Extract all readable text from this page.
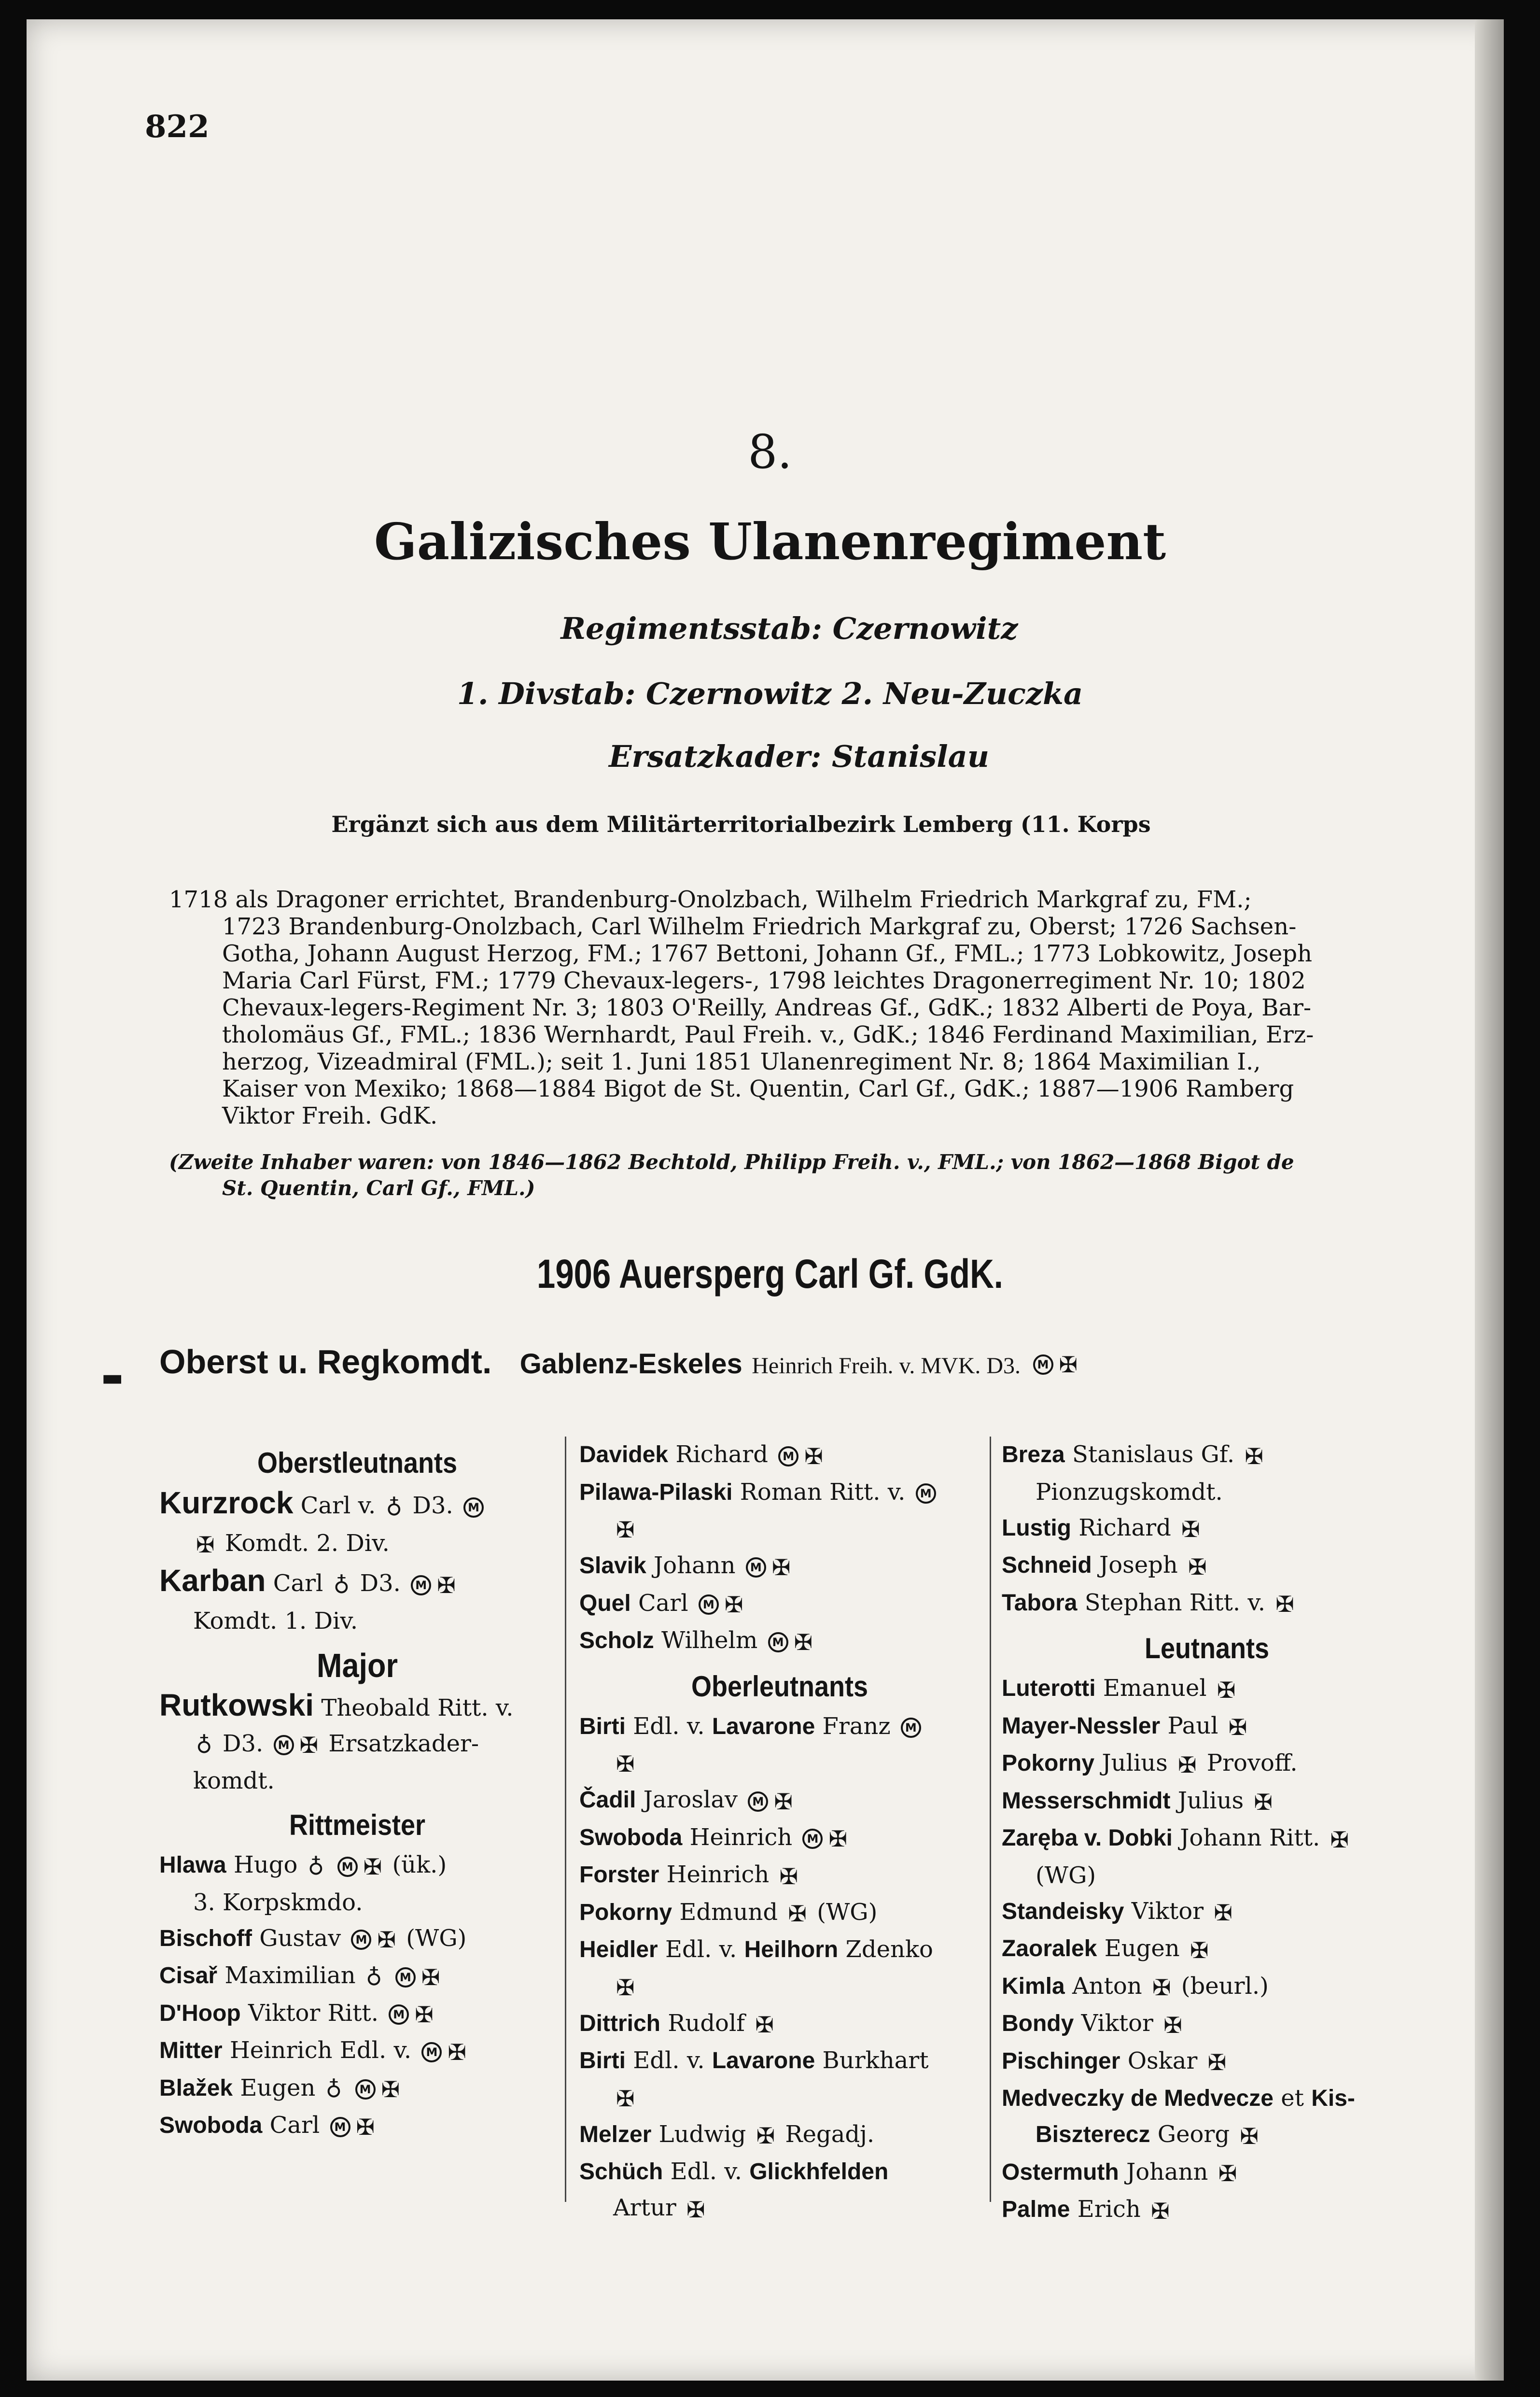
822
8.
Galizisches Ulanenregiment
Regimentsstab: Czernowitz
1. Divstab: Czernowitz 2. Neu-Zuczka
Ersatzkader: Stanislau
Ergänzt sich aus dem Militärterritorialbezirk Lemberg (11. Korps

1718 als Dragoner errichtet, Brandenburg-Onolzbach, Wilhelm Friedrich Markgraf zu, FM.;

1723 Brandenburg-Onolzbach, Carl Wilhelm Friedrich Markgraf zu, Oberst; 1726 Sachsen-

Gotha, Johann August Herzog, FM.; 1767 Bettoni, Johann Gf., FML.; 1773 Lobkowitz, Joseph

Maria Carl Fürst, FM.; 1779 Chevaux-legers-, 1798 leichtes Dragonerregiment Nr. 10; 1802

Chevaux-legers-Regiment Nr. 3; 1803 O'Reilly, Andreas Gf., GdK.; 1832 Alberti de Poya, Bar-

tholomäus Gf., FML.; 1836 Wernhardt, Paul Freih. v., GdK.; 1846 Ferdinand Maximilian, Erz-

herzog, Vizeadmiral (FML.); seit 1. Juni 1851 Ulanenregiment Nr. 8; 1864 Maximilian I.,

Kaiser von Mexiko; 1868—1884 Bigot de St. Quentin, Carl Gf., GdK.; 1887—1906 Ramberg

Viktor Freih. GdK.

(Zweite Inhaber waren: von 1846—1862 Bechtold, Philipp Freih. v., FML.; von 1862—1868 Bigot de
St. Quentin, Carl Gf., FML.)
1906 Auersperg Carl Gf. GdK.
▬ Oberst u. Regkomdt. Gablenz-Eskeles Heinrich Freih. v. MVK. D3. M ✠
Oberstleutnants
Kurzrock Carl v. ♁ D3. M
✠ Komdt. 2. Div.
Karban Carl ♁ D3. M ✠
Komdt. 1. Div.
Major
Rutkowski Theobald Ritt. v.
♁ D3. M ✠ Ersatzkader-
komdt.
Rittmeister
Hlawa Hugo ♁ M ✠ (ük.)
3. Korpskmdo.
Bischoff Gustav M ✠ (WG)
Cisař Maximilian ♁ M ✠
D'Hoop Viktor Ritt. M ✠
Mitter Heinrich Edl. v. M ✠
Blažek Eugen ♁ M ✠
Swoboda Carl M ✠
Davidek Richard M ✠
Pilawa-Pilaski Roman Ritt. v. M
✠
Slavik Johann M ✠
Quel Carl M ✠
Scholz Wilhelm M ✠
Oberleutnants
Birti Edl. v. Lavarone Franz M
✠
Čadil Jaroslav M ✠
Swoboda Heinrich M ✠
Forster Heinrich ✠
Pokorny Edmund ✠ (WG)
Heidler Edl. v. Heilhorn Zdenko
✠
Dittrich Rudolf ✠
Birti Edl. v. Lavarone Burkhart
✠
Melzer Ludwig ✠ Regadj.
Schüch Edl. v. Glickhfelden
Artur ✠
Breza Stanislaus Gf. ✠
Pionzugskomdt.
Lustig Richard ✠
Schneid Joseph ✠
Tabora Stephan Ritt. v. ✠
Leutnants
Luterotti Emanuel ✠
Mayer-Nessler Paul ✠
Pokorny Julius ✠ Provoff.
Messerschmidt Julius ✠
Zaręba v. Dobki Johann Ritt. ✠
(WG)
Standeisky Viktor ✠
Zaoralek Eugen ✠
Kimla Anton ✠ (beurl.)
Bondy Viktor ✠
Pischinger Oskar ✠
Medveczky de Medvecze et Kis-
Biszterecz Georg ✠
Ostermuth Johann ✠
Palme Erich ✠
